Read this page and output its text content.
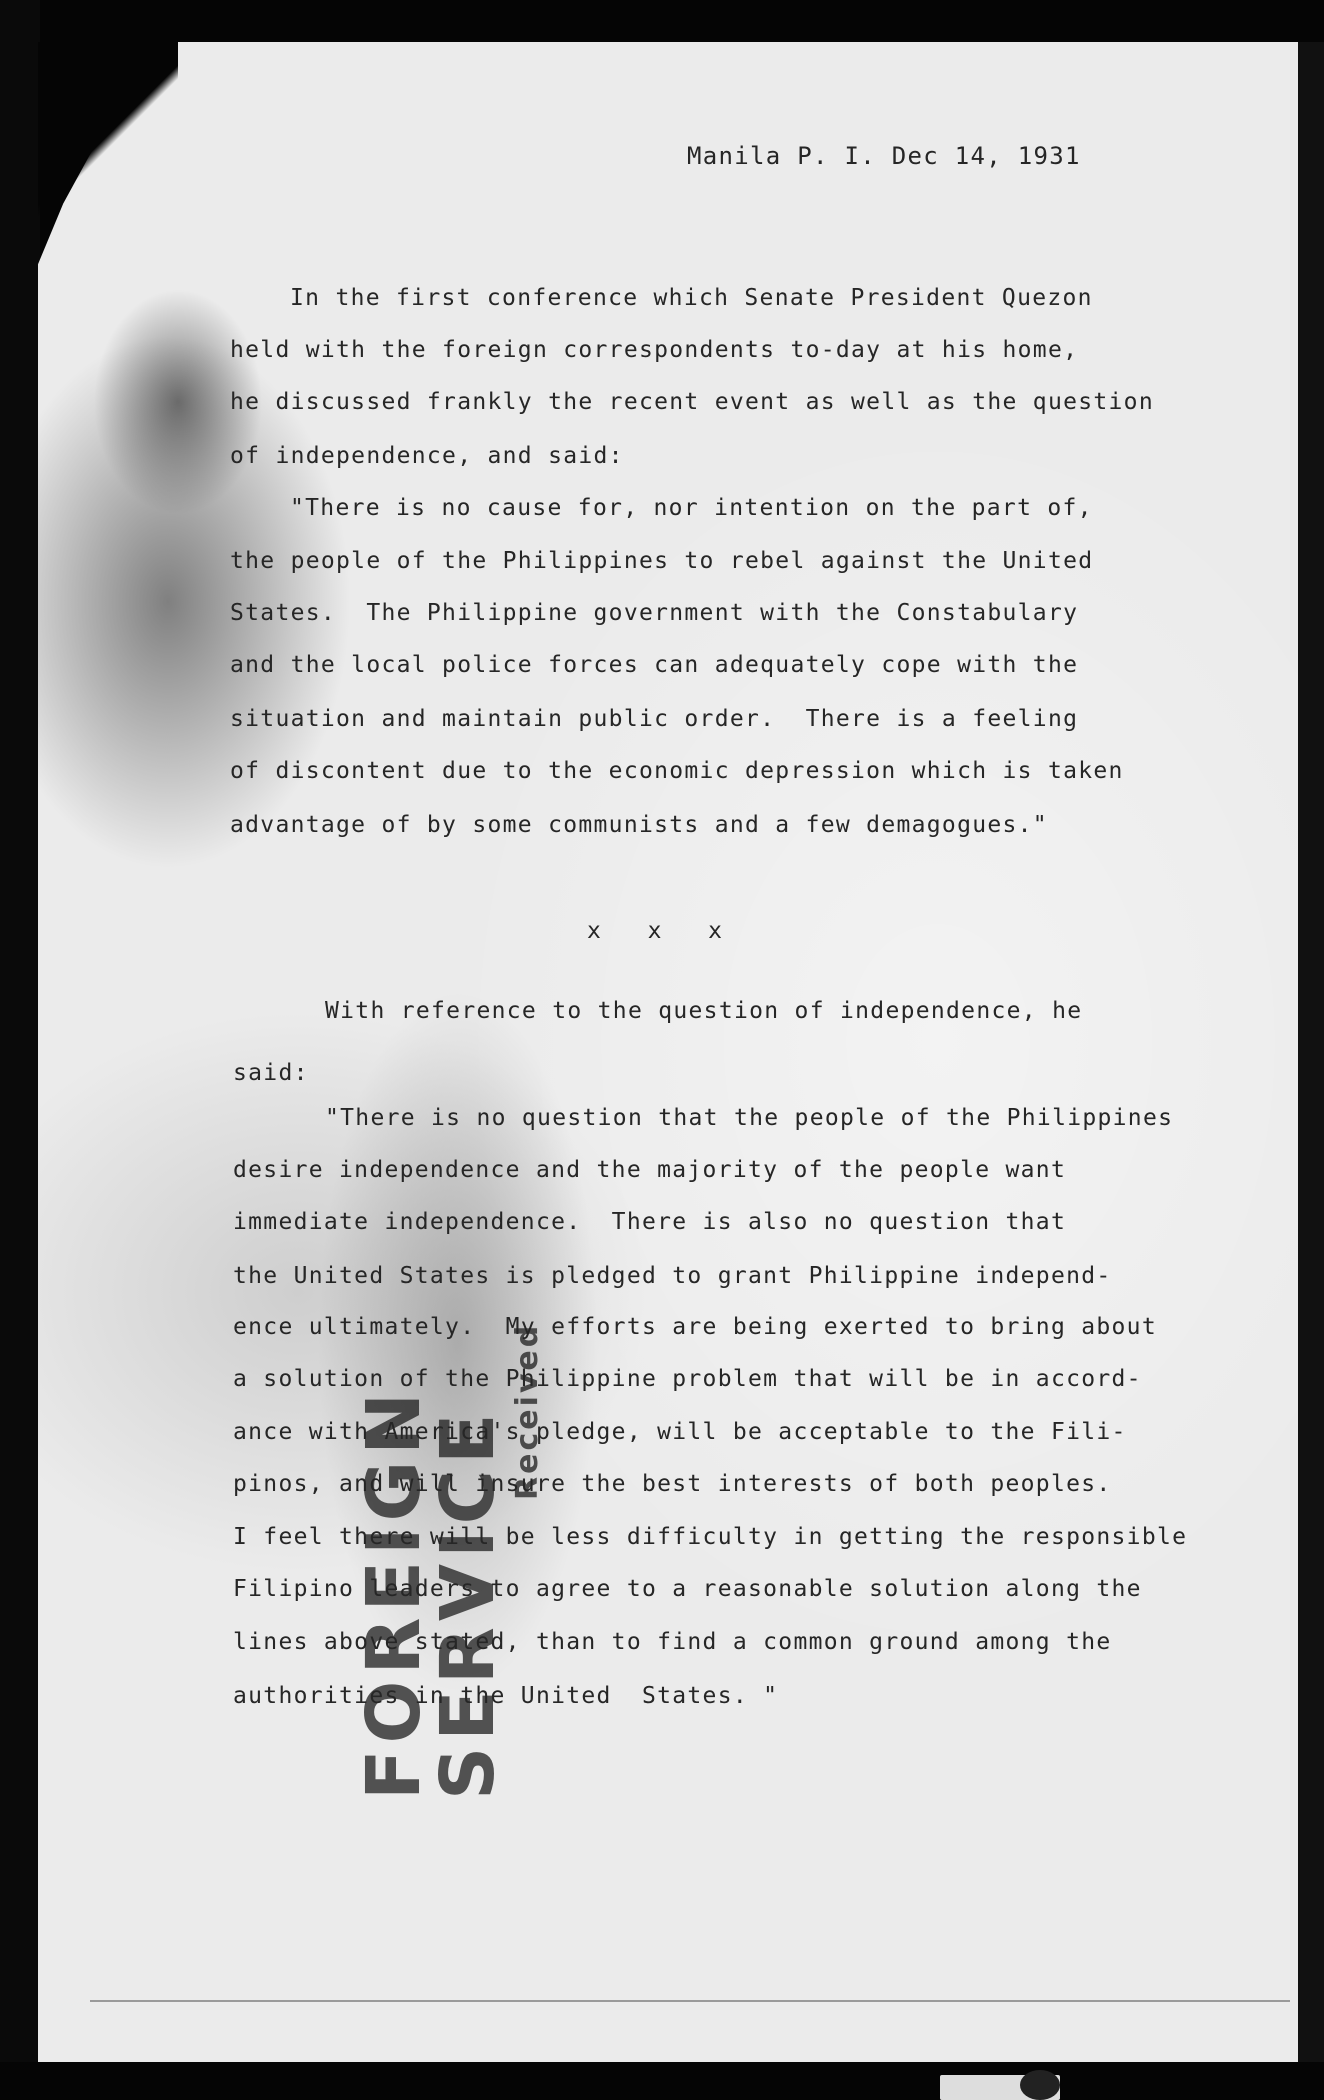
FOREIGN SERVICE Received
Manila P. I. Dec 14, 1931
In the first conference which Senate President Quezon
held with the foreign correspondents to-day at his home,
he discussed frankly the recent event as well as the question
of independence, and said:
"There is no cause for, nor intention on the part of,
the people of the Philippines to rebel against the United
States.  The Philippine government with the Constabulary
and the local police forces can adequately cope with the
situation and maintain public order.  There is a feeling
of discontent due to the economic depression which is taken
advantage of by some communists and a few demagogues."
x   x   x
With reference to the question of independence, he
said:
"There is no question that the people of the Philippines
desire independence and the majority of the people want
immediate independence.  There is also no question that
the United States is pledged to grant Philippine independ-
ence ultimately.  My efforts are being exerted to bring about
a solution of the Philippine problem that will be in accord-
ance with America's pledge, will be acceptable to the Fili-
pinos, and will insure the best interests of both peoples.
I feel there will be less difficulty in getting the responsible
Filipino leaders to agree to a reasonable solution along the
lines above stated, than to find a common ground among the
authorities in the United  States. "
